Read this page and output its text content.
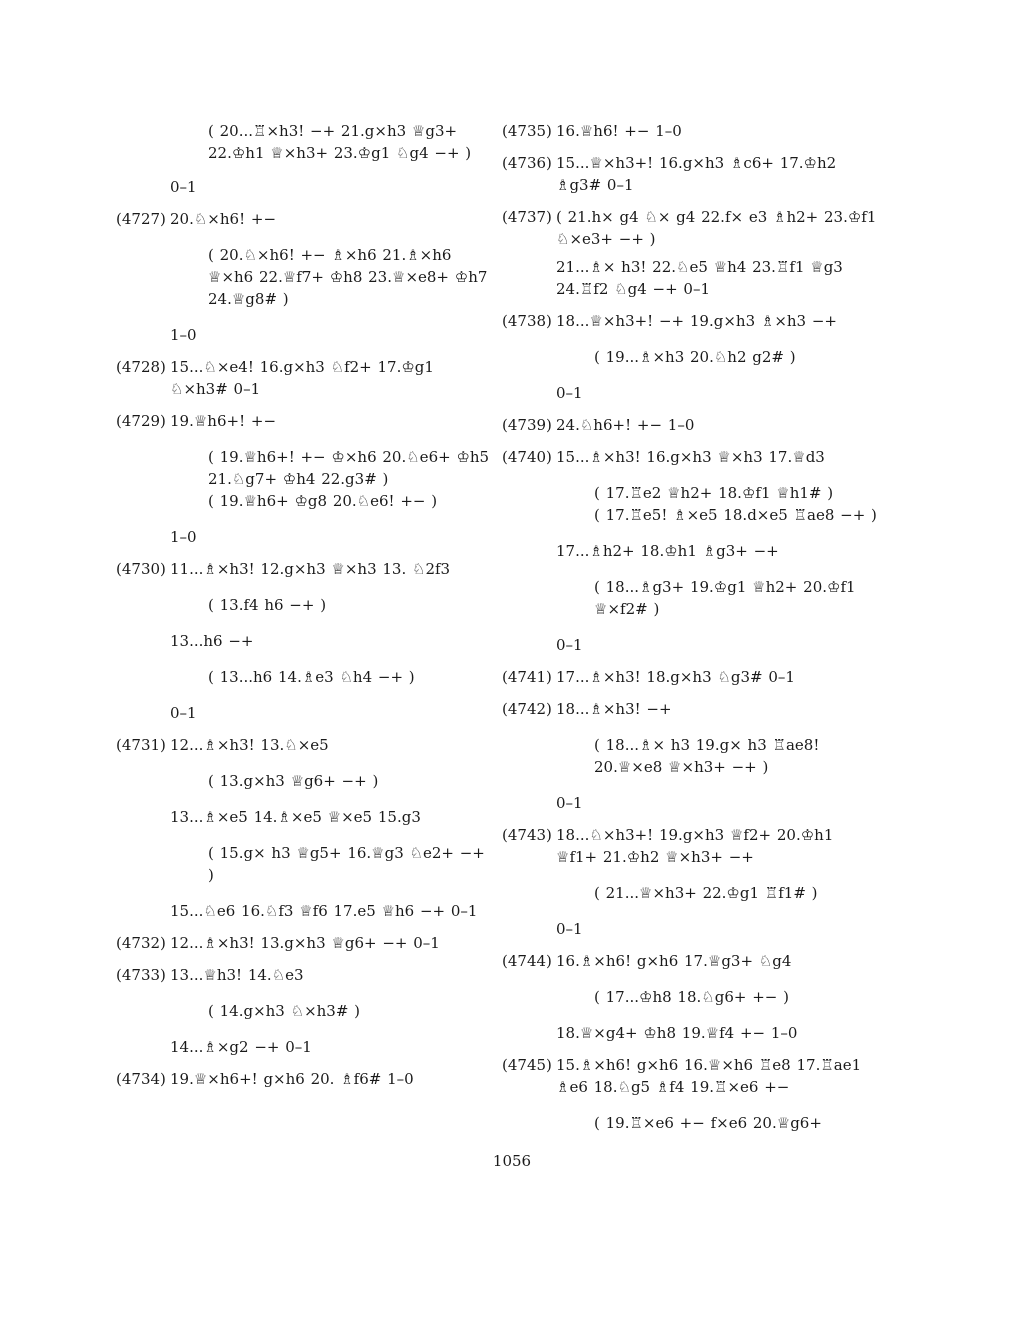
( 20...♖×h3! −+ 21.g×h3 ♕g3+ 22.♔h1 ♕×h3+ 23.♔g1 ♘g4 −+ )
0–1
(4727) 20.♘×h6! +−
( 20.♘×h6! +− ♗×h6 21.♗×h6 ♕×h6 22.♕f7+ ♔h8 23.♕×e8+ ♔h7 24.♕g8# )
1–0
(4728) 15...♘×e4! 16.g×h3 ♘f2+ 17.♔g1 ♘×h3# 0–1
(4729) 19.♕h6+! +−
( 19.♕h6+! +− ♔×h6 20.♘e6+ ♔h5 21.♘g7+ ♔h4 22.g3# )
( 19.♕h6+ ♔g8 20.♘e6! +− )
1–0
(4730) 11...♗×h3! 12.g×h3 ♕×h3 13. ♘2f3
( 13.f4 h6 −+ )
13...h6 −+
( 13...h6 14.♗e3 ♘h4 −+ )
0–1
(4731) 12...♗×h3! 13.♘×e5
( 13.g×h3 ♕g6+ −+ )
13...♗×e5 14.♗×e5 ♕×e5 15.g3
( 15.g× h3 ♕g5+ 16.♕g3 ♘e2+ −+ )
15...♘e6 16.♘f3 ♕f6 17.e5 ♕h6 −+ 0–1
(4732) 12...♗×h3! 13.g×h3 ♕g6+ −+ 0–1
(4733) 13...♕h3! 14.♘e3
( 14.g×h3 ♘×h3# )
14...♗×g2 −+ 0–1
(4734) 19.♕×h6+! g×h6 20. ♗f6# 1–0
(4735) 16.♕h6! +− 1–0
(4736) 15...♕×h3+! 16.g×h3 ♗c6+ 17.♔h2 ♗g3# 0–1
(4737) ( 21.h× g4 ♘× g4 22.f× e3 ♗h2+ 23.♔f1 ♘×e3+ −+ )
21...♗× h3! 22.♘e5 ♕h4 23.♖f1 ♕g3 24.♖f2 ♘g4 −+ 0–1
(4738) 18...♕×h3+! −+ 19.g×h3 ♗×h3 −+
( 19...♗×h3 20.♘h2 g2# )
0–1
(4739) 24.♘h6+! +− 1–0
(4740) 15...♗×h3! 16.g×h3 ♕×h3 17.♕d3
( 17.♖e2 ♕h2+ 18.♔f1 ♕h1# )
( 17.♖e5! ♗×e5 18.d×e5 ♖ae8 −+ )
17...♗h2+ 18.♔h1 ♗g3+ −+
( 18...♗g3+ 19.♔g1 ♕h2+ 20.♔f1 ♕×f2# )
0–1
(4741) 17...♗×h3! 18.g×h3 ♘g3# 0–1
(4742) 18...♗×h3! −+
( 18...♗× h3 19.g× h3 ♖ae8! 20.♕×e8 ♕×h3+ −+ )
0–1
(4743) 18...♘×h3+! 19.g×h3 ♕f2+ 20.♔h1 ♕f1+ 21.♔h2 ♕×h3+ −+
( 21...♕×h3+ 22.♔g1 ♖f1# )
0–1
(4744) 16.♗×h6! g×h6 17.♕g3+ ♘g4
( 17...♔h8 18.♘g6+ +− )
18.♕×g4+ ♔h8 19.♕f4 +− 1–0
(4745) 15.♗×h6! g×h6 16.♕×h6 ♖e8 17.♖ae1 ♗e6 18.♘g5 ♗f4 19.♖×e6 +−
( 19.♖×e6 +− f×e6 20.♕g6+
1056
